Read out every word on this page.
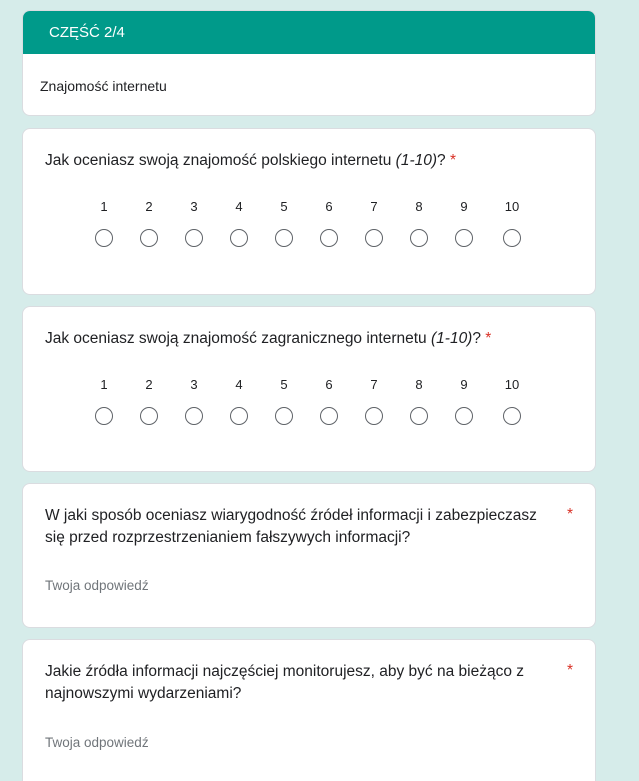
CZĘŚĆ 2/4
Znajomość internetu
Jak oceniasz swoją znajomość polskiego internetu (1-10)? *
1	2	3	4	5	6	7	8	9	10
Jak oceniasz swoją znajomość zagranicznego internetu (1-10)? *
1	2	3	4	5	6	7	8	9	10
W jaki sposób oceniasz wiarygodność źródeł informacji i zabezpieczasz
się przed rozprzestrzenianiem fałszywych informacji?
*
Twoja odpowiedź
Jakie źródła informacji najczęściej monitorujesz, aby być na bieżąco z
najnowszymi wydarzeniami?
*
Twoja odpowiedź
